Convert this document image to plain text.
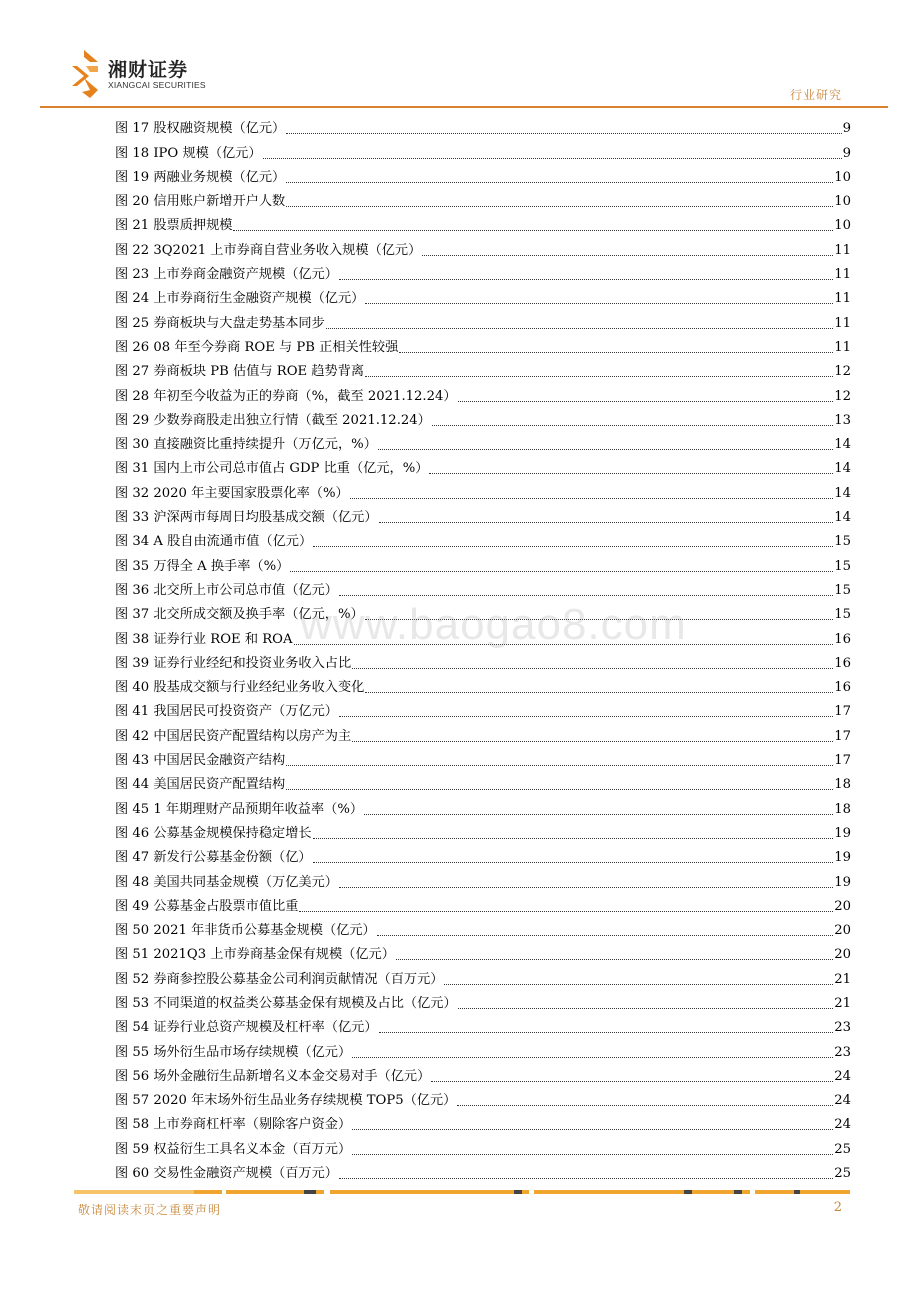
湘财证券
XIANGCAI SECURITIES
行业研究
图 17 股权融资规模（亿元）	9
图 18 IPO 规模（亿元）	9
图 19 两融业务规模（亿元）	10
图 20 信用账户新增开户人数	10
图 21 股票质押规模	10
图 22 3Q2021 上市券商自营业务收入规模（亿元）	11
图 23 上市券商金融资产规模（亿元）	11
图 24 上市券商衍生金融资产规模（亿元）	11
图 25 券商板块与大盘走势基本同步	11
图 26 08 年至今券商 ROE 与 PB 正相关性较强	11
图 27 券商板块 PB 估值与 ROE 趋势背离	12
图 28 年初至今收益为正的券商（%，截至 2021.12.24）	12
图 29 少数券商股走出独立行情（截至 2021.12.24）	13
图 30 直接融资比重持续提升（万亿元，%）	14
图 31 国内上市公司总市值占 GDP 比重（亿元，%）	14
图 32 2020 年主要国家股票化率（%）	14
图 33 沪深两市每周日均股基成交额（亿元）	14
图 34 A 股自由流通市值（亿元）	15
图 35 万得全 A 换手率（%）	15
图 36 北交所上市公司总市值（亿元）	15
图 37 北交所成交额及换手率（亿元，%）	15
图 38 证券行业 ROE 和 ROA	16
图 39 证券行业经纪和投资业务收入占比	16
图 40 股基成交额与行业经纪业务收入变化	16
图 41 我国居民可投资资产（万亿元）	17
图 42 中国居民资产配置结构以房产为主	17
图 43 中国居民金融资产结构	17
图 44 美国居民资产配置结构	18
图 45 1 年期理财产品预期年收益率（%）	18
图 46 公募基金规模保持稳定增长	19
图 47 新发行公募基金份额（亿）	19
图 48 美国共同基金规模（万亿美元）	19
图 49 公募基金占股票市值比重	20
图 50 2021 年非货币公募基金规模（亿元）	20
图 51 2021Q3 上市券商基金保有规模（亿元）	20
图 52 券商参控股公募基金公司利润贡献情况（百万元）	21
图 53 不同渠道的权益类公募基金保有规模及占比（亿元）	21
图 54 证券行业总资产规模及杠杆率（亿元）	23
图 55 场外衍生品市场存续规模（亿元）	23
图 56 场外金融衍生品新增名义本金交易对手（亿元）	24
图 57 2020 年末场外衍生品业务存续规模 TOP5（亿元）	24
图 58 上市券商杠杆率（剔除客户资金）	24
图 59 权益衍生工具名义本金（百万元）	25
图 60 交易性金融资产规模（百万元）	25
www.baogao8.com
敬请阅读末页之重要声明	2
